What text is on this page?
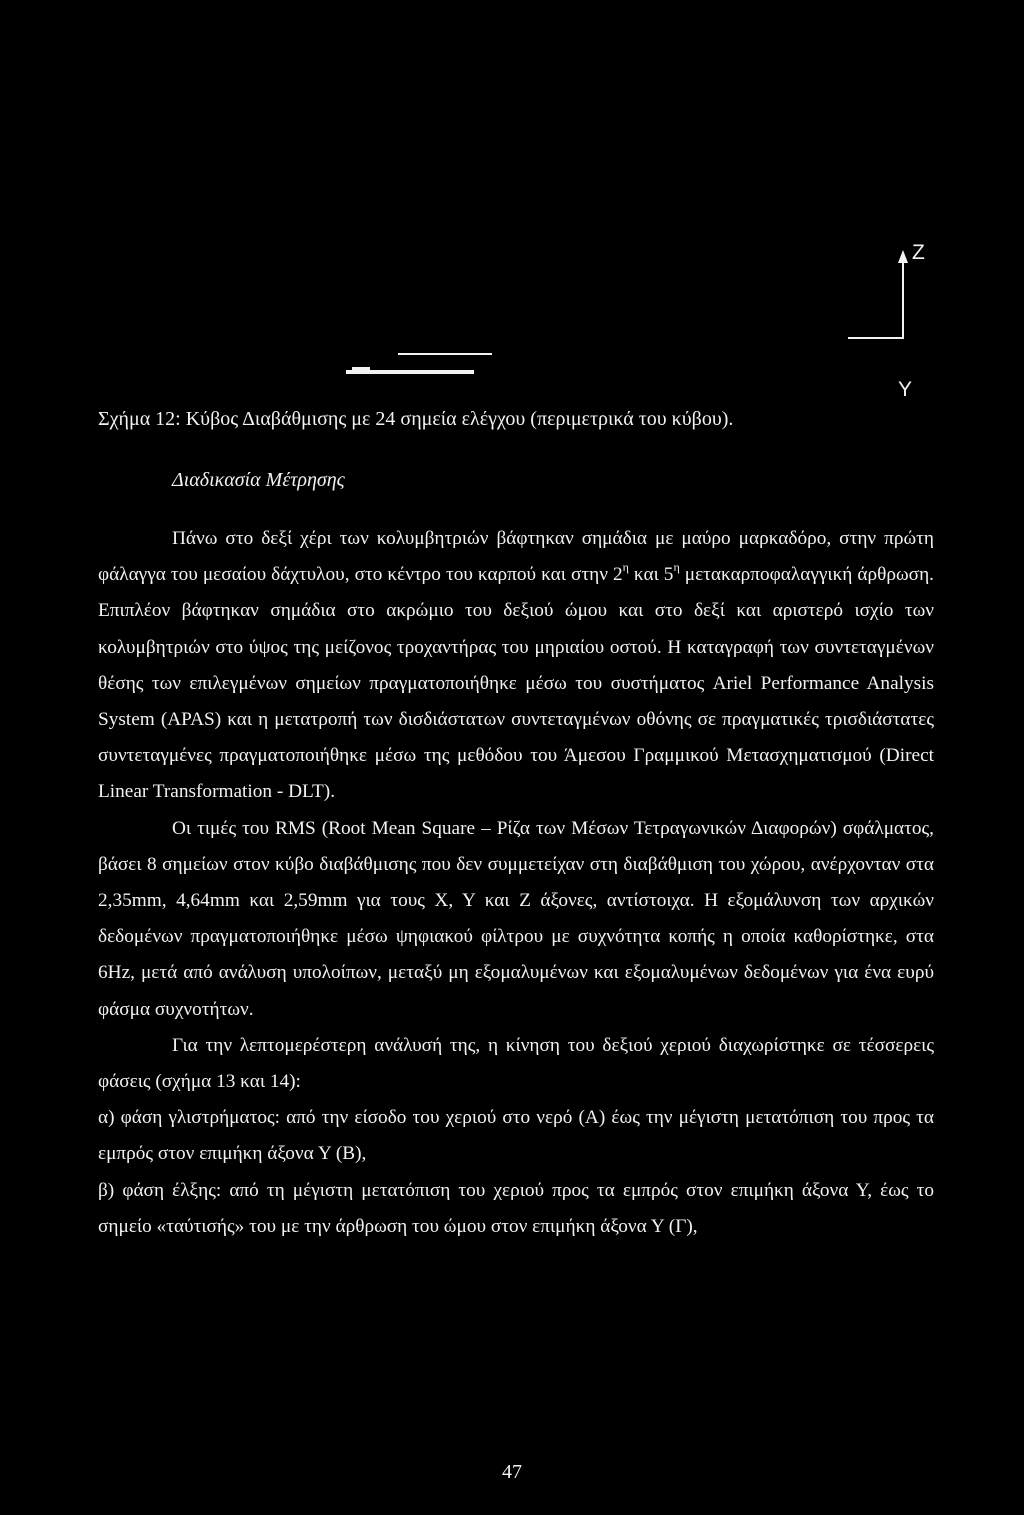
Z
Y
Σχήμα 12: Κύβος Διαβάθμισης με 24 σημεία ελέγχου (περιμετρικά του κύβου).
Διαδικασία Μέτρησης

Πάνω στο δεξί χέρι των κολυμβητριών βάφτηκαν σημάδια με μαύρο μαρκαδόρο, στην πρώτη φάλαγγα του μεσαίου δάχτυλου, στο κέντρο του καρπού και στην $2^\eta$ και $5^\eta$ μετακαρποφαλαγγική άρθρωση. Επιπλέον βάφτηκαν σημάδια στο ακρώμιο του δεξιού ώμου και στο δεξί και αριστερό ισχίο των κολυμβητριών στο ύψος της μείζονος τροχαντήρας του μηριαίου οστού. Η καταγραφή των συντεταγμένων θέσης των επιλεγμένων σημείων πραγματοποιήθηκε μέσω του συστήματος Ariel Performance Analysis System (APAS) και η μετατροπή των δισδιάστατων συντεταγμένων οθόνης σε πραγματικές τρισδιάστατες συντεταγμένες πραγματοποιήθηκε μέσω της μεθόδου του Άμεσου Γραμμικού Μετασχηματισμού (Direct Linear Transformation - DLT).

Οι τιμές του RMS (Root Mean Square – Ρίζα των Μέσων Τετραγωνικών Διαφορών) σφάλματος, βάσει 8 σημείων στον κύβο διαβάθμισης που δεν συμμετείχαν στη διαβάθμιση του χώρου, ανέρχονταν στα 2,35mm, 4,64mm και 2,59mm για τους Χ, Υ και Ζ άξονες, αντίστοιχα. Η εξομάλυνση των αρχικών δεδομένων πραγματοποιήθηκε μέσω ψηφιακού φίλτρου με συχνότητα κοπής η οποία καθορίστηκε, στα 6Hz, μετά από ανάλυση υπολοίπων, μεταξύ μη εξομαλυμένων και εξομαλυμένων δεδομένων για ένα ευρύ φάσμα συχνοτήτων.

Για την λεπτομερέστερη ανάλυσή της, η κίνηση του δεξιού χεριού διαχωρίστηκε σε τέσσερεις φάσεις (σχήμα 13 και 14):

α) φάση γλιστρήματος: από την είσοδο του χεριού στο νερό (Α) έως την μέγιστη μετατόπιση του προς τα εμπρός στον επιμήκη άξονα Υ (Β),

β) φάση έλξης: από τη μέγιστη μετατόπιση του χεριού προς τα εμπρός στον επιμήκη άξονα Υ, έως το σημείο «ταύτισής» του με την άρθρωση του ώμου στον επιμήκη άξονα Υ (Γ),

47
